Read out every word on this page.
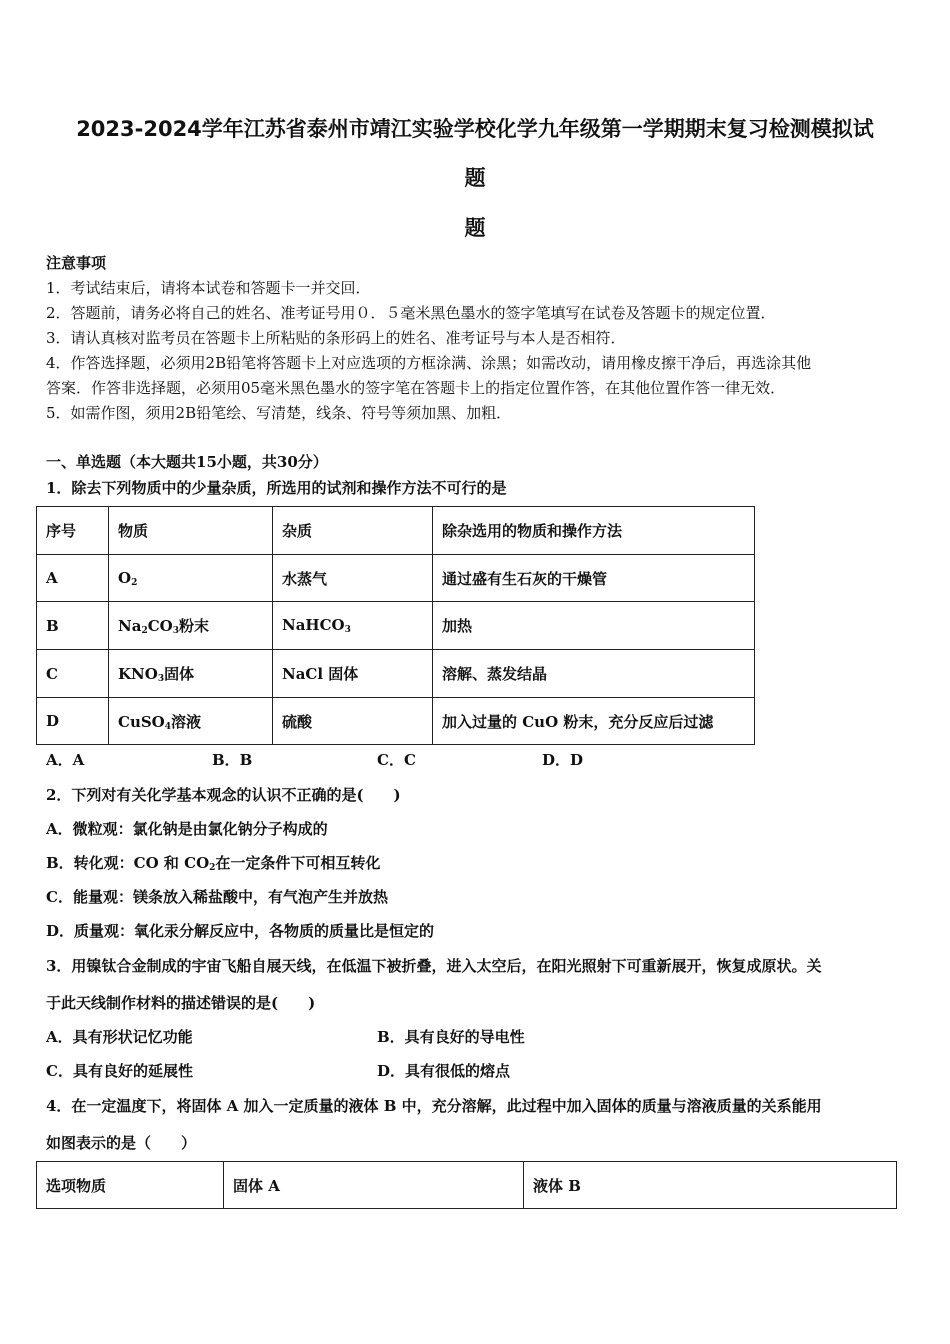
2023-2024学年江苏省泰州市靖江实验学校化学九年级第一学期期末复习检测模拟试
题
题
注意事项
1．考试结束后，请将本试卷和答题卡一并交回．
2．答题前，请务必将自己的姓名、准考证号用０．５毫米黑色墨水的签字笔填写在试卷及答题卡的规定位置．
3．请认真核对监考员在答题卡上所粘贴的条形码上的姓名、准考证号与本人是否相符．
4．作答选择题，必须用2B铅笔将答题卡上对应选项的方框涂满、涂黑；如需改动，请用橡皮擦干净后，再选涂其他
答案．作答非选择题，必须用05毫米黑色墨水的签字笔在答题卡上的指定位置作答，在其他位置作答一律无效．
5．如需作图，须用2B铅笔绘、写清楚，线条、符号等须加黑、加粗．
一、单选题（本大题共15小题，共30分）
1．除去下列物质中的少量杂质，所选用的试剂和操作方法不可行的是
序号	物质	杂质	除杂选用的物质和操作方法
A	$O_2$	水蒸气	通过盛有生石灰的干燥管
B	$Na_2CO_3$粉末	NaHCO$_3$	加热
C	$KNO_3$固体	NaCl 固体	溶解、蒸发结晶
D	CuSO$_4$溶液	硫酸	加入过量的 CuO 粉末，充分反应后过滤
A．A	B．B	C．C	D．D
2．下列对有关化学基本观念的认识不正确的是(　　)
A．微粒观：氯化钠是由氯化钠分子构成的
B．转化观：CO 和 $CO_2$在一定条件下可相互转化
C．能量观：镁条放入稀盐酸中，有气泡产生并放热
D．质量观：氧化汞分解反应中，各物质的质量比是恒定的
3．用镍钛合金制成的宇宙飞船自展天线，在低温下被折叠，进入太空后，在阳光照射下可重新展开，恢复成原状。关
于此天线制作材料的描述错误的是(　　)
A．具有形状记忆功能	B．具有良好的导电性
C．具有良好的延展性	D．具有很低的熔点
4．在一定温度下，将固体 A 加入一定质量的液体 B 中，充分溶解，此过程中加入固体的质量与溶液质量的关系能用
如图表示的是（　　）
选项物质	固体 A	液体 B
